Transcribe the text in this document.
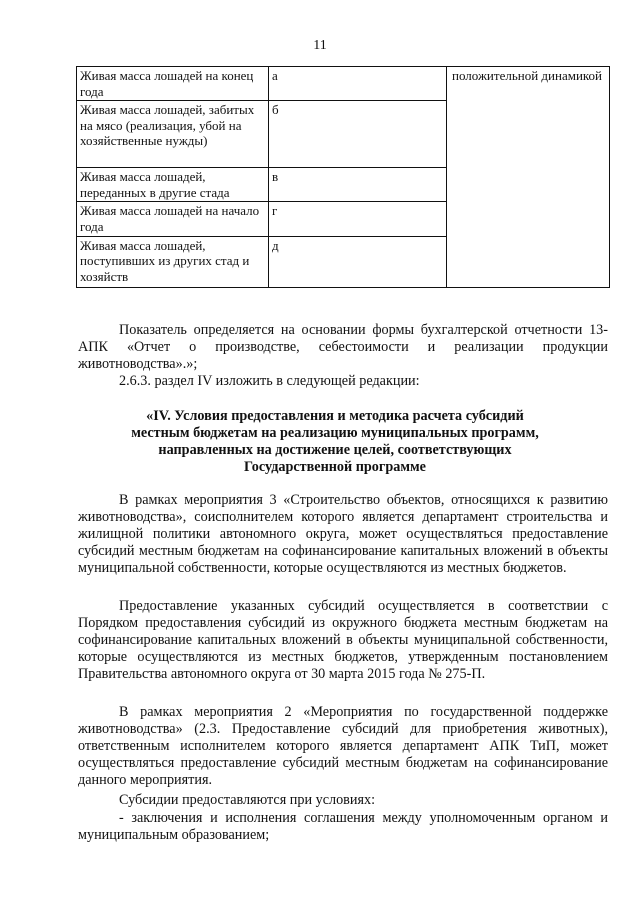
11
Живая масса лошадей на конец года	а	положительной динамикой

Живая масса лошадей, забитых на мясо (реализация, убой на хозяйственные нужды)	б	
Живая масса лошадей, переданных в другие стада	в	
Живая масса лошадей на начало года	г	
Живая масса лошадей, поступивших из других стад и хозяйств	д	

Показатель определяется на основании формы бухгалтерской отчетности 13-АПК «Отчет о производстве, себестоимости и реализации продукции животноводства».»;

2.6.3. раздел IV изложить в следующей редакции:

«IV. Условия предоставления и методика расчета субсидий
местным бюджетам на реализацию муниципальных программ,
направленных на достижение целей, соответствующих
Государственной программе

В рамках мероприятия 3 «Строительство объектов, относящихся к развитию животноводства», соисполнителем которого является департамент строительства и жилищной политики автономного округа, может осуществляться предоставление субсидий местным бюджетам на софинансирование капитальных вложений в объекты муниципальной собственности, которые осуществляются из местных бюджетов.

Предоставление указанных субсидий осуществляется в соответствии с Порядком предоставления субсидий из окружного бюджета местным бюджетам на софинансирование капитальных вложений в объекты муниципальной собственности, которые осуществляются из местных бюджетов, утвержденным постановлением Правительства автономного округа от 30 марта 2015 года № 275-П.

В рамках мероприятия 2 «Мероприятия по государственной поддержке животноводства» (2.3. Предоставление субсидий для приобретения животных), ответственным исполнителем которого является департамент АПК ТиП, может осуществляться предоставление субсидий местным бюджетам на софинансирование данного мероприятия.

Субсидии предоставляются при условиях:

- заключения и исполнения соглашения между уполномоченным органом и муниципальным образованием;
